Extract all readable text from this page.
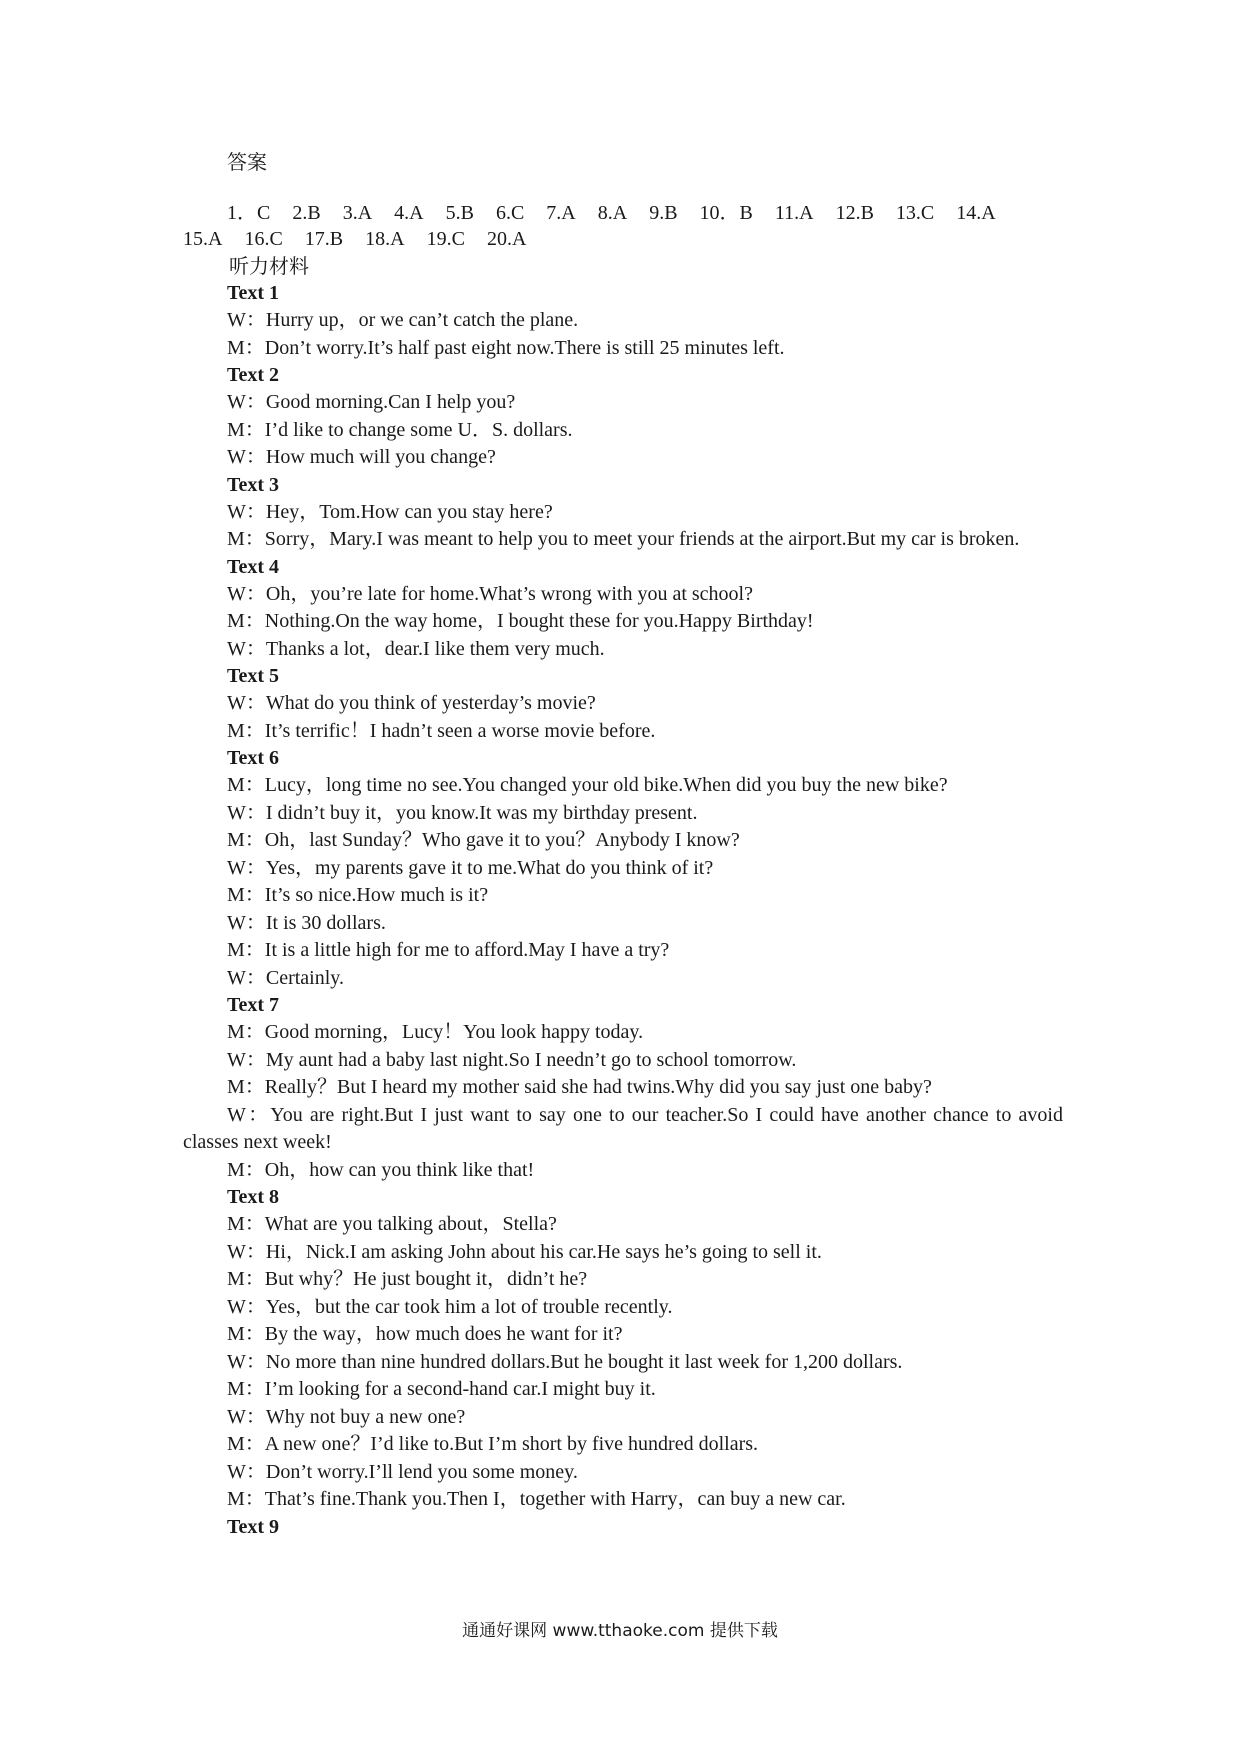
答案
1．C 2.B 3.A 4.A 5.B 6.C 7.A 8.A 9.B 10．B 11.A 12.B 13.C 14.A15.A 16.C 17.B 18.A 19.C 20.A
听力材料
Text 1
W：Hurry up，or we can’t catch the plane.
M：Don’t worry.It’s half past eight now.There is still 25 minutes left.
Text 2
W：Good morning.Can I help you?
M：I’d like to change some U．S. dollars.
W：How much will you change?
Text 3
W：Hey，Tom.How can you stay here?
M：Sorry，Mary.I was meant to help you to meet your friends at the airport.But my car is broken.
Text 4
W：Oh，you’re late for home.What’s wrong with you at school?
M：Nothing.On the way home，I bought these for you.Happy Birthday!
W：Thanks a lot，dear.I like them very much.
Text 5
W：What do you think of yesterday’s movie?
M：It’s terrific！I hadn’t seen a worse movie before.
Text 6
M：Lucy，long time no see.You changed your old bike.When did you buy the new bike?
W：I didn’t buy it，you know.It was my birthday present.
M：Oh，last Sunday？Who gave it to you？Anybody I know?
W：Yes，my parents gave it to me.What do you think of it?
M：It’s so nice.How much is it?
W：It is 30 dollars.
M：It is a little high for me to afford.May I have a try?
W：Certainly.
Text 7
M：Good morning，Lucy！You look happy today.
W：My aunt had a baby last night.So I needn’t go to school tomorrow.
M：Really？But I heard my mother said she had twins.Why did you say just one baby?
W：You are right.But I just want to say one to our teacher.So I could have another chance to avoid classes next week!
M：Oh，how can you think like that!
Text 8
M：What are you talking about，Stella?
W：Hi，Nick.I am asking John about his car.He says he’s going to sell it.
M：But why？He just bought it，didn’t he?
W：Yes，but the car took him a lot of trouble recently.
M：By the way，how much does he want for it?
W：No more than nine hundred dollars.But he bought it last week for 1,200 dollars.
M：I’m looking for a second-hand car.I might buy it.
W：Why not buy a new one?
M：A new one？I’d like to.But I’m short by five hundred dollars.
W：Don’t worry.I’ll lend you some money.
M：That’s fine.Thank you.Then I，together with Harry，can buy a new car.
Text 9
通通好课网 www.tthaoke.com 提供下载
